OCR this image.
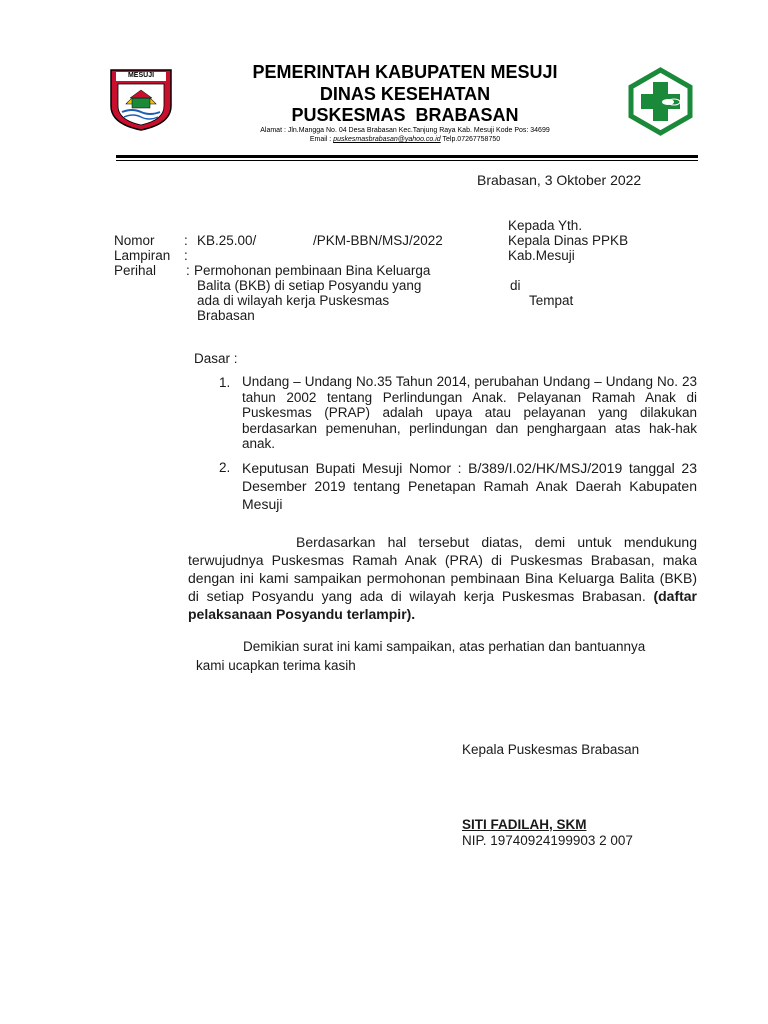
MESUJI	PEMERINTAH KABUPATEN MESUJI
DINAS KESEHATAN
PUSKESMAS  BRABASAN
Alamat : Jln.Mangga No. 04 Desa Brabasan Kec.Tanjung Raya Kab. Mesuji Kode Pos: 34699
Email : puskesmasbrabasan@yahoo.co.id Telp.07267758750
Brabasan, 3 Oktober 2022
Kepada Yth.
Kepala Dinas PPKB
Kab.Mesuji
di
Tempat
Nomor : KB.25.00/	/PKM-BBN/MSJ/2022
Lampiran :
Perihal : Permohonan pembinaan Bina Keluarga
Balita (BKB) di setiap Posyandu yang
ada di wilayah kerja Puskesmas
Brabasan
Dasar :
1. Undang – Undang No.35 Tahun 2014, perubahan Undang – Undang No. 23 tahun 2002 tentang Perlindungan Anak. Pelayanan Ramah Anak di Puskesmas (PRAP) adalah upaya atau pelayanan yang dilakukan berdasarkan pemenuhan, perlindungan dan penghargaan atas hak-hak anak.
2. Keputusan Bupati Mesuji Nomor : B/389/I.02/HK/MSJ/2019 tanggal 23 Desember 2019 tentang Penetapan Ramah Anak Daerah Kabupaten Mesuji
Berdasarkan hal tersebut diatas, demi untuk mendukung terwujudnya Puskesmas Ramah Anak (PRA) di Puskesmas Brabasan, maka dengan ini kami sampaikan permohonan pembinaan Bina Keluarga Balita (BKB) di setiap Posyandu yang ada di wilayah kerja Puskesmas Brabasan. (daftar pelaksanaan Posyandu terlampir).
Demikian surat ini kami sampaikan, atas perhatian dan bantuannya
kami ucapkan terima kasih
Kepala Puskesmas Brabasan
SITI FADILAH, SKM
NIP. 19740924199903 2 007
